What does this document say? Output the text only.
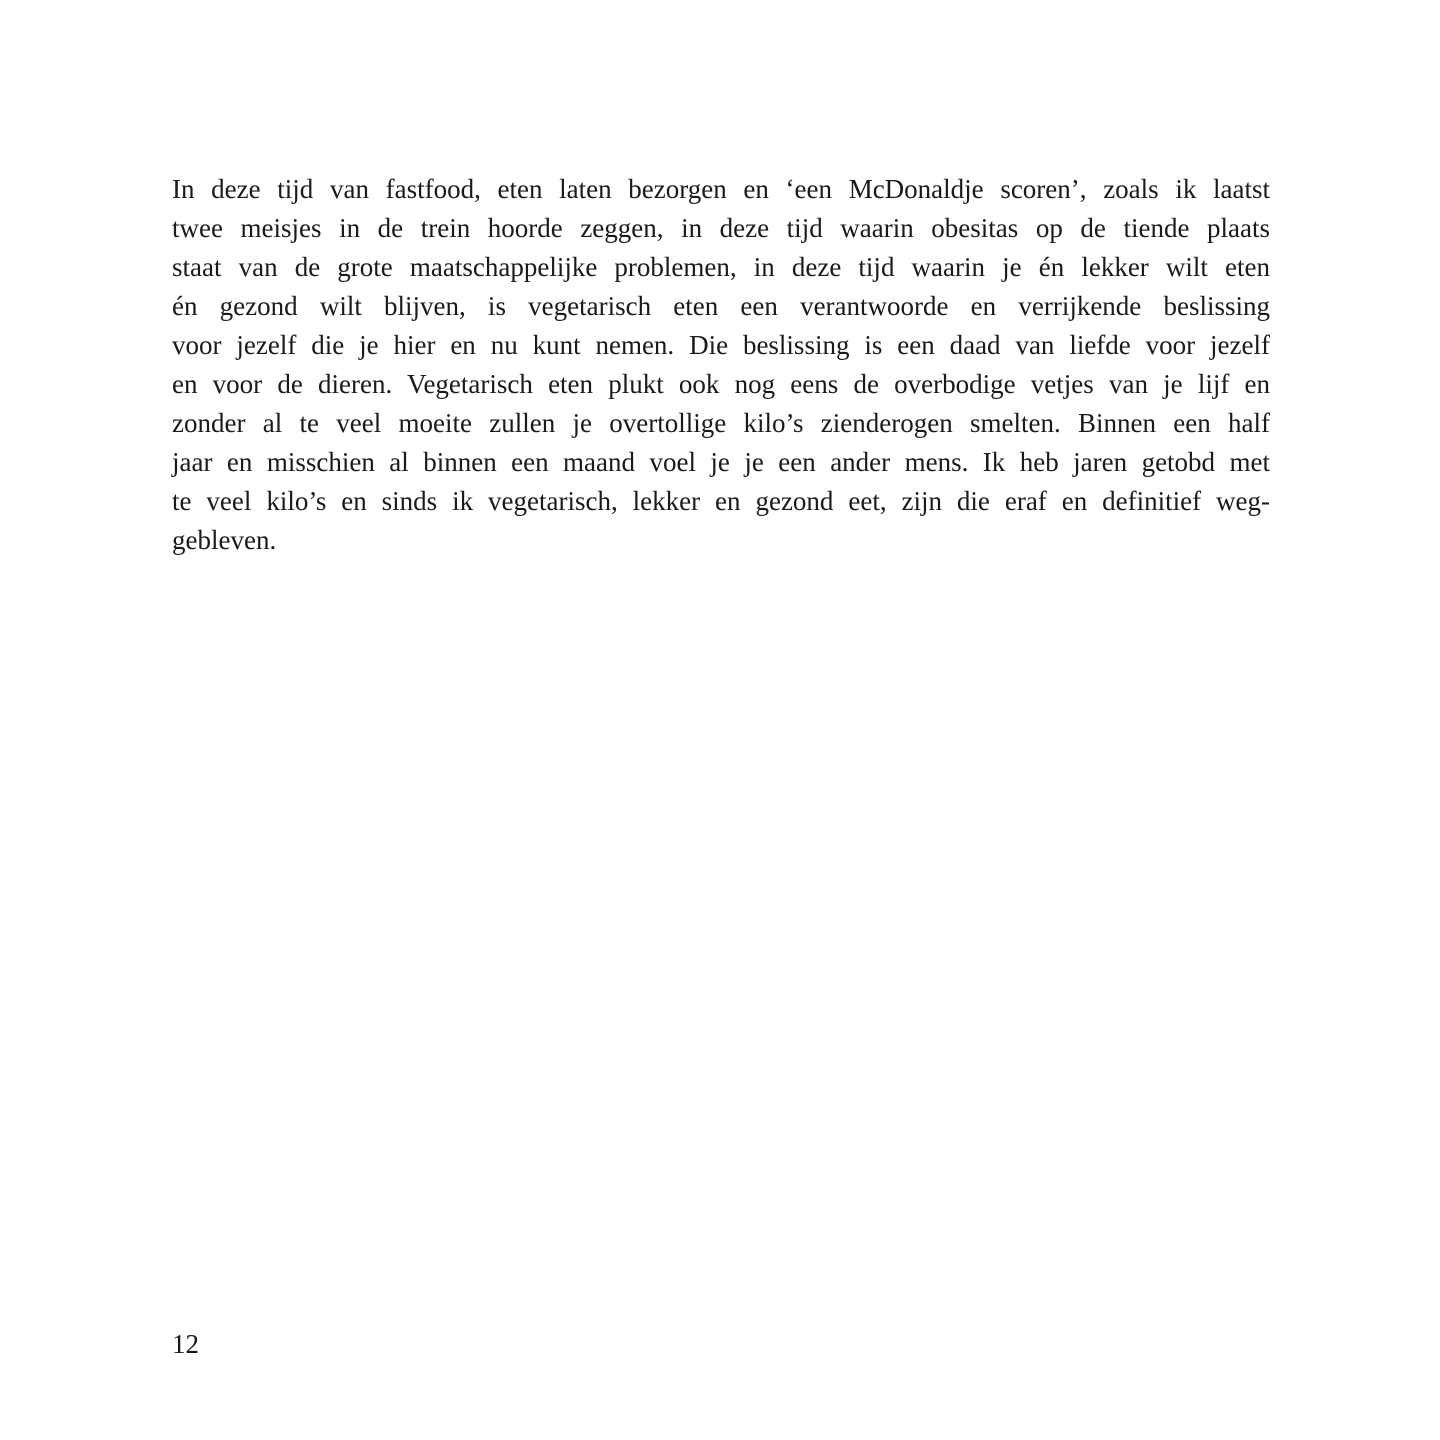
In deze tijd van fastfood, eten laten bezorgen en ‘een McDonaldje scoren’, zoals ik laatst
twee meisjes in de trein hoorde zeggen, in deze tijd waarin obesitas op de tiende plaats
staat van de grote maatschappelijke problemen, in deze tijd waarin je én lekker wilt eten
én gezond wilt blijven, is vegetarisch eten een verantwoorde en verrijkende beslissing
voor jezelf die je hier en nu kunt nemen. Die beslissing is een daad van liefde voor jezelf
en voor de dieren. Vegetarisch eten plukt ook nog eens de overbodige vetjes van je lijf en
zonder al te veel moeite zullen je overtollige kilo’s zienderogen smelten. Binnen een half
jaar en misschien al binnen een maand voel je je een ander mens. Ik heb jaren getobd met
te veel kilo’s en sinds ik vegetarisch, lekker en gezond eet, zijn die eraf en definitief weg-
gebleven.

12
